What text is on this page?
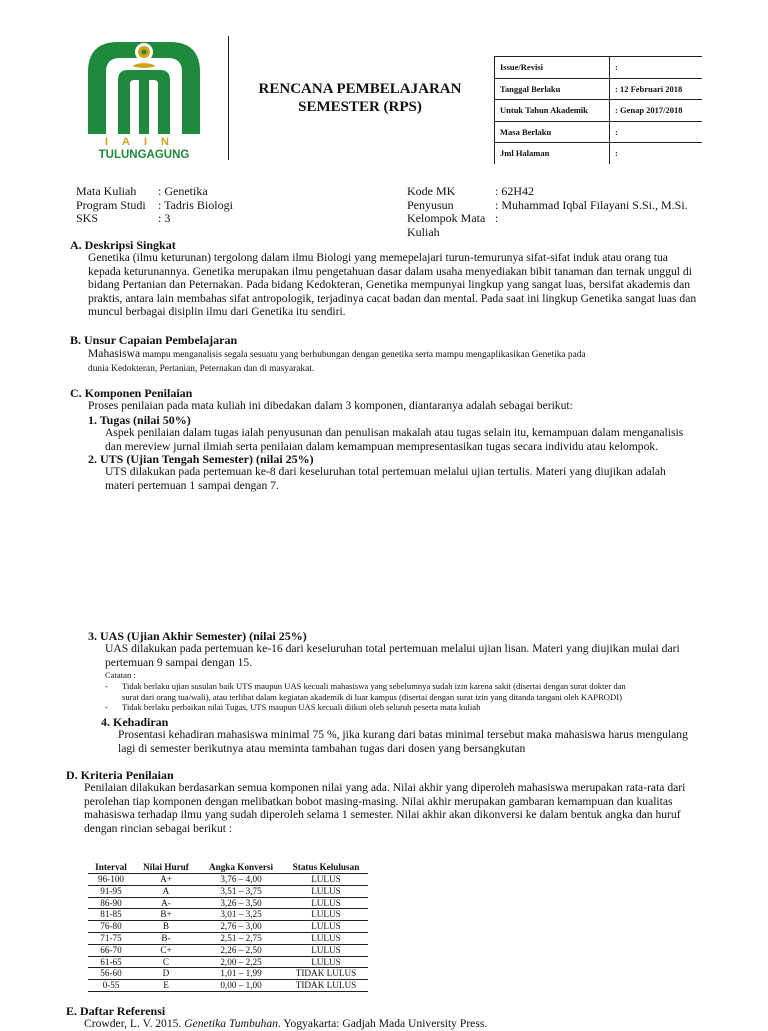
IAIN
TULUNGAGUNG
RENCANA PEMBELAJARAN
SEMESTER (RPS)

Issue/Revisi	:
Tanggal Berlaku	: 12 Februari 2018
Untuk Tahun Akademik	: Genap 2017/2018
Masa Berlaku	:
Jml Halaman	:
Mata Kuliah : Genetika
Program Studi : Tadris Biologi
SKS	: 3
Kode MK	: 62H42
Penyusun	: Muhammad Iqbal Filayani S.Si., M.Si.
Kelompok Mata :
Kuliah
A. Deskripsi Singkat
Genetika (ilmu keturunan) tergolong dalam ilmu Biologi yang memepelajari turun-temurunya sifat-sifat induk atau orang tua
kepada keturunannya. Genetika merupakan ilmu pengetahuan dasar dalam usaha menyediakan bibit tanaman dan ternak unggul di
bidang Pertanian dan Peternakan. Pada bidang Kedokteran, Genetika mempunyai lingkup yang sangat luas, bersifat akademis dan
praktis, antara lain membahas sifat antropologik, terjadinya cacat badan dan mental. Pada saat ini lingkup Genetika sangat luas dan
muncul berbagai disiplin ilmu dari Genetika itu sendiri.
B. Unsur Capaian Pembelajaran
Mahasiswa mampu menganalisis segala sesuatu yang berhubungan dengan genetika serta mampu mengaplikasikan Genetika pada
dunia Kedokteran, Pertanian, Peternakan dan di masyarakat.
C. Komponen Penilaian
Proses penilaian pada mata kuliah ini dibedakan dalam 3 komponen, diantaranya adalah sebagai berikut:
1. Tugas (nilai 50%)
Aspek penilaian dalam tugas ialah penyusunan dan penulisan makalah atau tugas selain itu, kemampuan dalam menganalisis
dan mereview jurnal ilmiah serta penilaian dalam kemampuan mempresentasikan tugas secara individu atau kelompok.
2. UTS (Ujian Tengah Semester) (nilai 25%)
UTS dilakukan pada pertemuan ke-8 dari keseluruhan total pertemuan melalui ujian tertulis. Materi yang diujikan adalah
materi pertemuan 1 sampai dengan 7.
3. UAS (Ujian Akhir Semester) (nilai 25%)
UAS dilakukan pada pertemuan ke-16 dari keseluruhan total pertemuan melalui ujian lisan. Materi yang diujikan mulai dari
pertemuan 9 sampai dengan 15.
Catatan :
- Tidak berlaku ujian susulan baik UTS maupun UAS kecuali mahasiswa yang sebelumnya sudah izin karena sakit (disertai dengan surat dokter dan
surat dari orang tua/wali), atau terlibat dalam kegiatan akademik di luar kampus (disertai dengan surat izin yang ditanda tangani oleh KAPRODI)
- Tidak berlaku perbaikan nilai Tugas, UTS maupun UAS kecuali diikuti oleh seluruh peserta mata kuliah
4. Kehadiran
Prosentasi kehadiran mahasiswa minimal 75 %, jika kurang dari batas minimal tersebut maka mahasiswa harus mengulang
lagi di semester berikutnya atau meminta tambahan tugas dari dosen yang bersangkutan
D. Kriteria Penilaian
Penilaian dilakukan berdasarkan semua komponen nilai yang ada. Nilai akhir yang diperoleh mahasiswa merupakan rata-rata dari
perolehan tiap komponen dengan melibatkan bobot masing-masing. Nilai akhir merupakan gambaran kemampuan dan kualitas
mahasiswa terhadap ilmu yang sudah diperoleh selama 1 semester. Nilai akhir akan dikonversi ke dalam bentuk angka dan huruf
dengan rincian sebagai berikut :
Interval	Nilai Huruf	Angka Konversi	Status Kelulusan
96-100	A+	3,76 – 4,00	LULUS
91-95	A	3,51 – 3,75	LULUS
86-90	A-	3,26 – 3,50	LULUS
81-85	B+	3,01 – 3,25	LULUS
76-80	B	2,76 – 3,00	LULUS
71-75	B-	2,51 – 2,75	LULUS
66-70	C+	2,26 – 2,50	LULUS
61-65	C	2,00 – 2,25	LULUS
56-60	D	1,01 – 1,99	TIDAK LULUS
0-55	E	0,00 – 1,00	TIDAK LULUS
E. Daftar Referensi
Crowder, L. V. 2015. Genetika Tumbuhan. Yogyakarta: Gadjah Mada University Press.
